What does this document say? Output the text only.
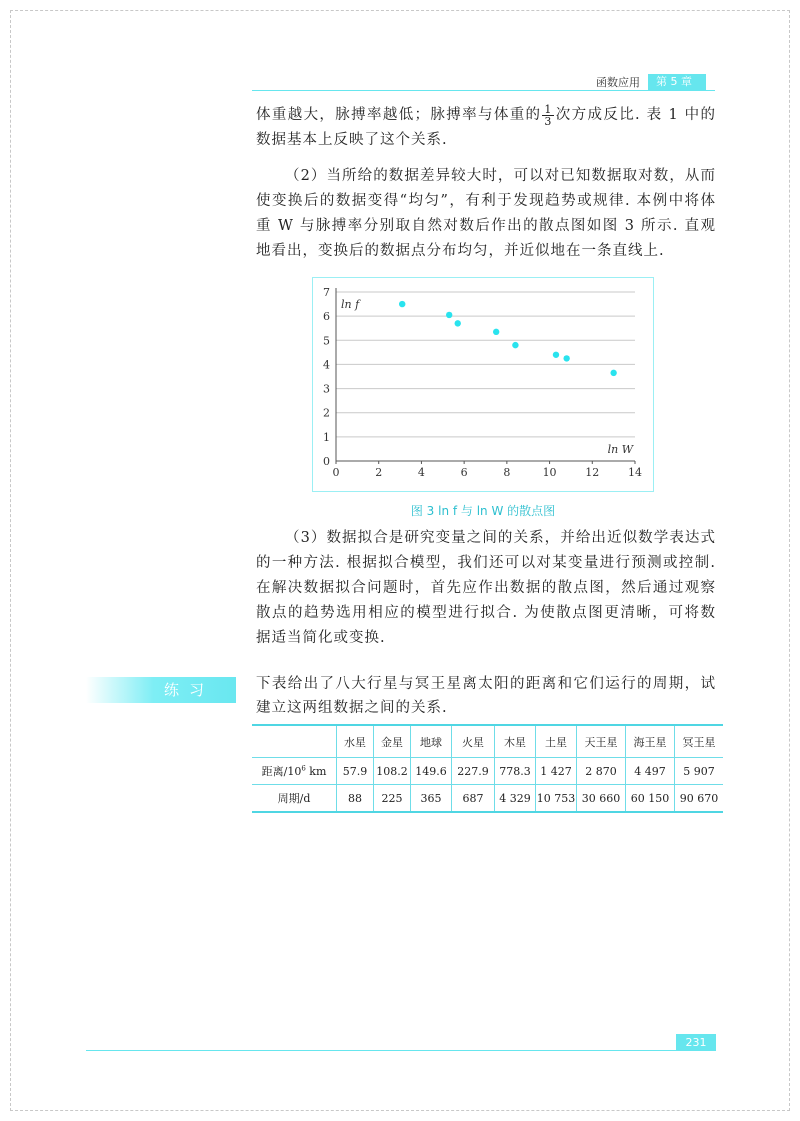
函数应用	第 5 章
体重越大，脉搏率越低；脉搏率与体重的 $\frac{1}{3}$ 次方成反比. 表 1 中的数据基本上反映了这个关系.
（2）当所给的数据差异较大时，可以对已知数据取对数，从而使变换后的数据变得“均匀”，有利于发现趋势或规律. 本例中将体重 W 与脉搏率分别取自然对数后作出的散点图如图 3 所示. 直观地看出，变换后的数据点分布均匀，并近似地在一条直线上.
0	2	4	6	8	10	12	14
0
1
2
3
4
5
6
7
ln f
ln W
图 3 ln f 与 ln W 的散点图
（3）数据拟合是研究变量之间的关系，并给出近似数学表达式的一种方法. 根据拟合模型，我们还可以对某变量进行预测或控制. 在解决数据拟合问题时，首先应作出数据的散点图，然后通过观察散点的趋势选用相应的模型进行拟合. 为使散点图更清晰，可将数据适当简化或变换.
练习	下表给出了八大行星与冥王星离太阳的距离和它们运行的周期，试建立这两组数据之间的关系.
	水星	金星	地球	火星	木星	土星	天王星	海王星	冥王星
距离$/10^6$ km	57.9	108.2	149.6	227.9	778.3	1 427	2 870	4 497	5 907
周期/d	88	225	365	687	4 329	10 753	30 660	60 150	90 670
231
